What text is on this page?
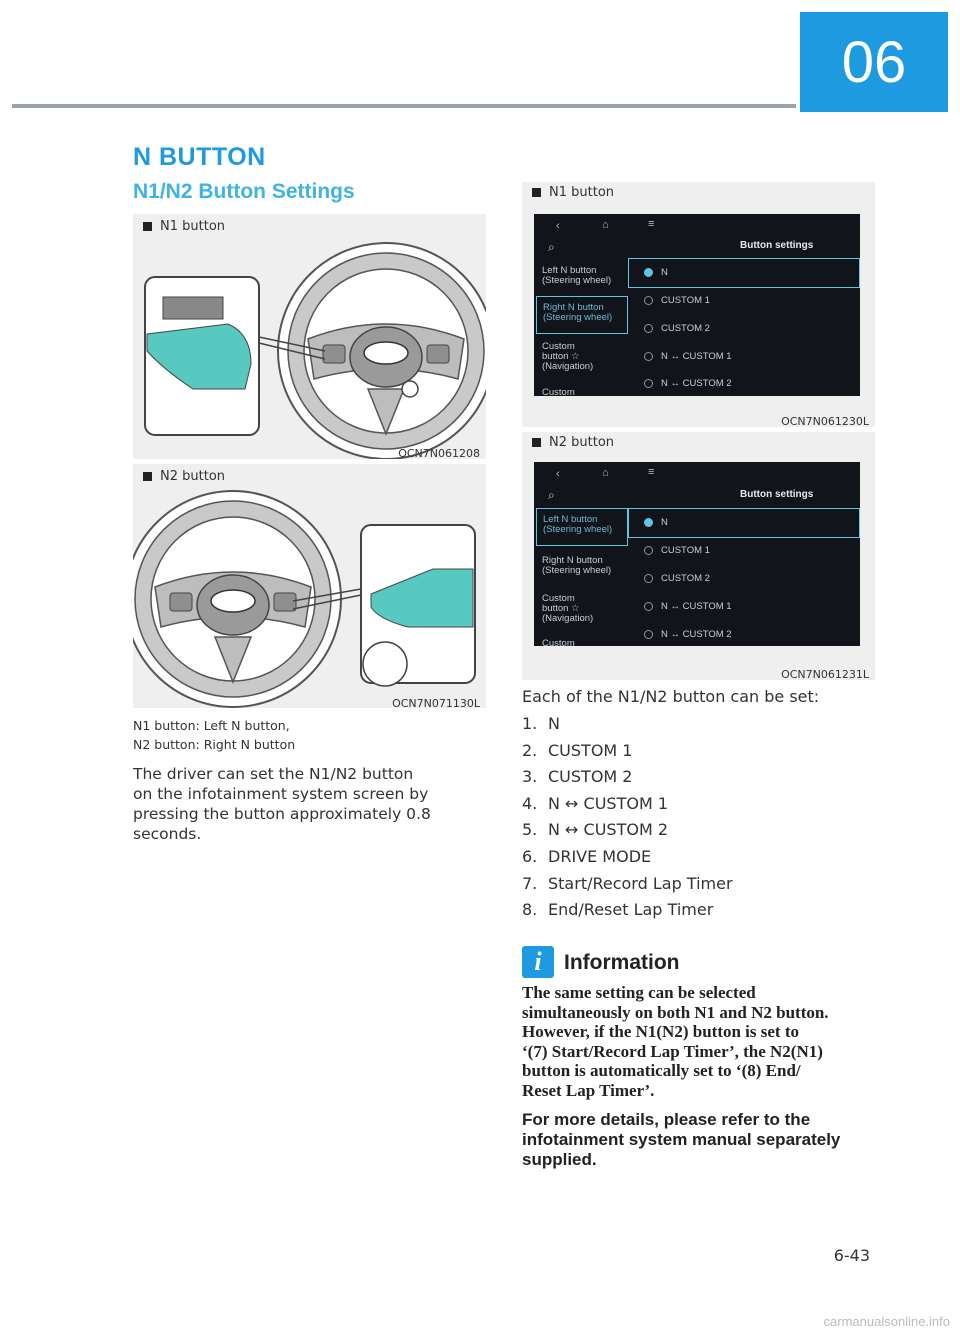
06
N BUTTON
N1/N2 Button Settings
N1 button
OCN7N061208
N2 button
OCN7N071130L
N1 button: Left N button,
N2 button: Right N button
The driver can set the N1/N2 button
on the infotainment system screen by
pressing the button approximately 0.8
seconds.
N1 button
‹	⌂	≡
⌕	Button settings
Left N button
(Steering wheel)
Right N button
(Steering wheel)
Custom
button ☆
(Navigation)
Custom
N
CUSTOM 1
CUSTOM 2
N ↔ CUSTOM 1
N ↔ CUSTOM 2
OCN7N061230L
N2 button
‹	⌂	≡
⌕	Button settings
Left N button
(Steering wheel)
Right N button
(Steering wheel)
Custom
button ☆
(Navigation)
Custom
N
CUSTOM 1
CUSTOM 2
N ↔ CUSTOM 1
N ↔ CUSTOM 2
OCN7N061231L
Each of the N1/N2 button can be set:
1. N
2. CUSTOM 1
3. CUSTOM 2
4. N ↔ CUSTOM 1
5. N ↔ CUSTOM 2
6. DRIVE MODE
7. Start/Record Lap Timer
8. End/Reset Lap Timer
i	Information
The same setting can be selected
simultaneously on both N1 and N2 button.
However, if the N1(N2) button is set to
‘(7) Start/Record Lap Timer’, the N2(N1)
button is automatically set to ‘(8) End/
Reset Lap Timer’.
For more details, please refer to the
infotainment system manual separately
supplied.
6-43
carmanualsonline.info
